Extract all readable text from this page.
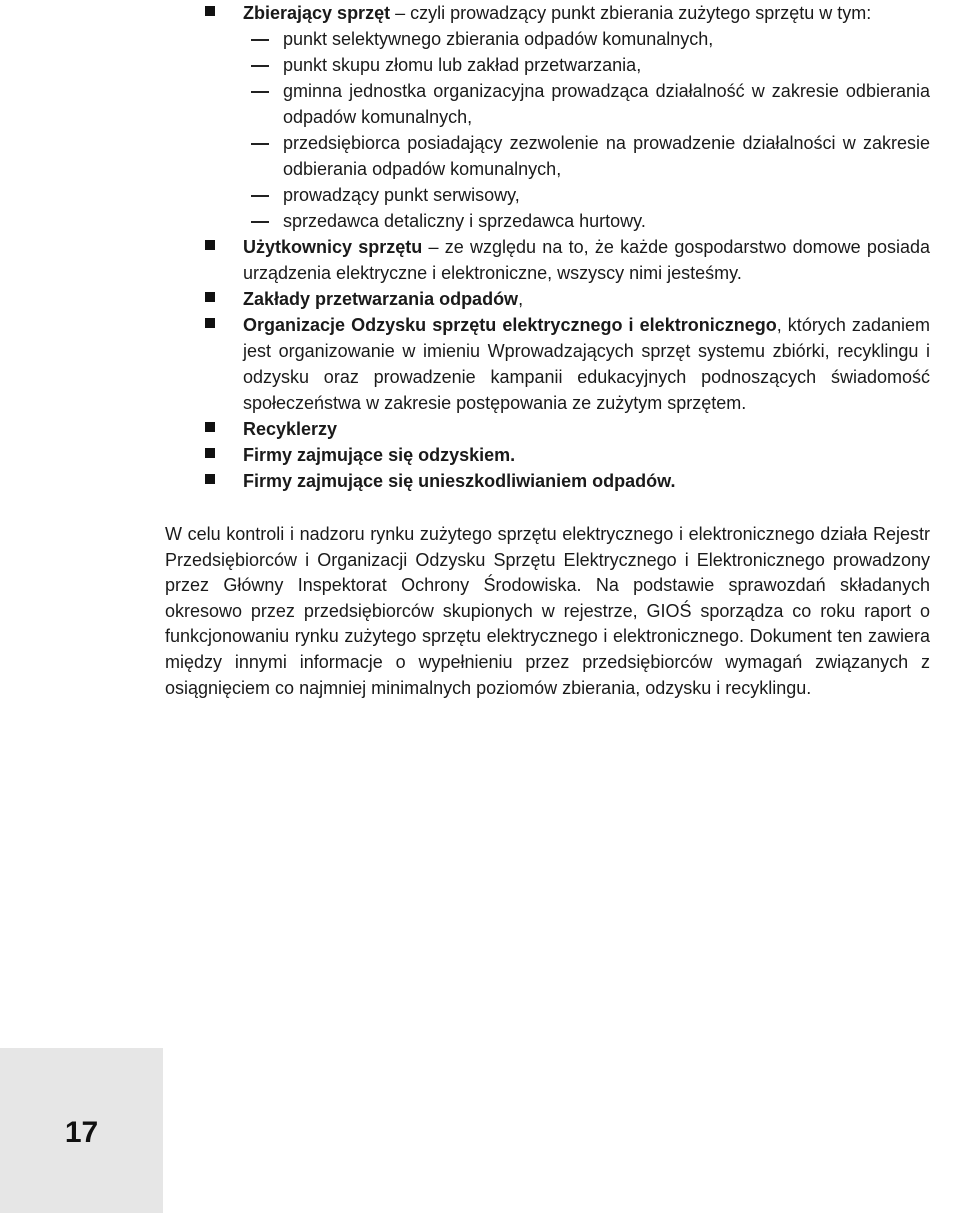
Zbierający sprzęt – czyli prowadzący punkt zbierania zużytego sprzętu w tym:
punkt selektywnego zbierania odpadów komunalnych,
punkt skupu złomu lub zakład przetwarzania,
gminna jednostka organizacyjna prowadząca działalność w zakresie odbierania odpadów komunalnych,
przedsiębiorca posiadający zezwolenie na prowadzenie działalności w zakresie odbierania odpadów komunalnych,
prowadzący punkt serwisowy,
sprzedawca detaliczny i sprzedawca hurtowy.
Użytkownicy sprzętu – ze względu na to, że każde gospodarstwo domowe posiada urządzenia elektryczne i elektroniczne, wszyscy nimi jesteśmy.
Zakłady przetwarzania odpadów,
Organizacje Odzysku sprzętu elektrycznego i elektronicznego, których zadaniem jest organizowanie w imieniu Wprowadzających sprzęt systemu zbiórki, recyklingu i odzysku oraz prowadzenie kampanii edukacyjnych podnoszących świadomość społeczeństwa w zakresie postępowania ze zużytym sprzętem.
Recyklerzy
Firmy zajmujące się odzyskiem.
Firmy zajmujące się unieszkodliwianiem odpadów.

W celu kontroli i nadzoru rynku zużytego sprzętu elektrycznego i elektronicznego działa Rejestr Przedsiębiorców i Organizacji Odzysku Sprzętu Elektrycznego i Elektronicznego prowadzony przez Główny Inspektorat Ochrony Środowiska. Na podstawie sprawozdań składanych okresowo przez przedsiębiorców skupionych w rejestrze, GIOŚ sporządza co roku raport o funkcjonowaniu rynku zużytego sprzętu elektrycznego i elektronicznego. Dokument ten zawiera między innymi informacje o wypełnieniu przez przedsiębiorców wymagań związanych z osiągnięciem co najmniej minimalnych poziomów zbierania, odzysku i recyklingu.

17
